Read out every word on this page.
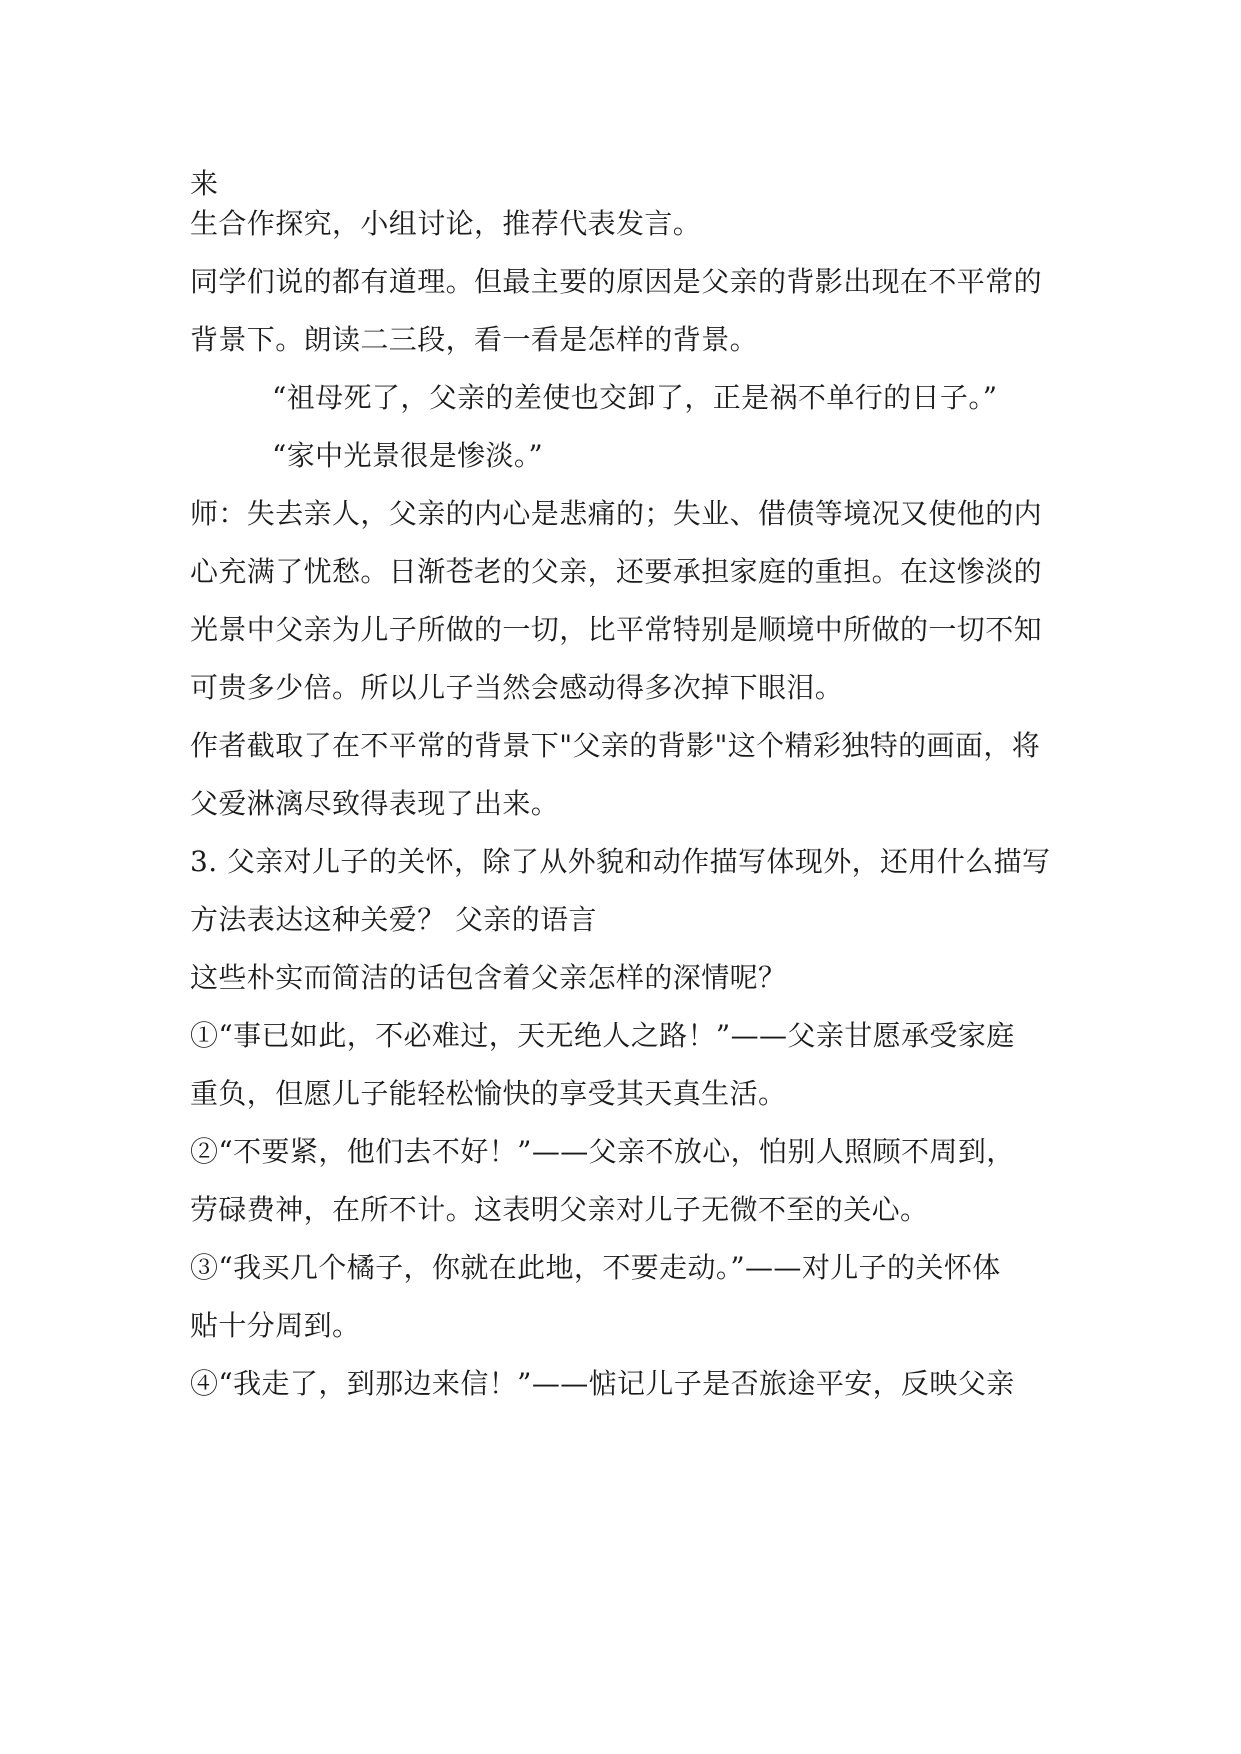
来
生合作探究，小组讨论，推荐代表发言。
同学们说的都有道理。但最主要的原因是父亲的背影出现在不平常的
背景下。朗读二三段，看一看是怎样的背景。
“祖母死了，父亲的差使也交卸了，正是祸不单行的日子。”
“家中光景很是惨淡。”
师：失去亲人，父亲的内心是悲痛的；失业、借债等境况又使他的内
心充满了忧愁。日渐苍老的父亲，还要承担家庭的重担。在这惨淡的
光景中父亲为儿子所做的一切，比平常特别是顺境中所做的一切不知
可贵多少倍。所以儿子当然会感动得多次掉下眼泪。
作者截取了在不平常的背景下"父亲的背影"这个精彩独特的画面，将
父爱淋漓尽致得表现了出来。
3. 父亲对儿子的关怀，除了从外貌和动作描写体现外，还用什么描写
方法表达这种关爱？ 父亲的语言
这些朴实而简洁的话包含着父亲怎样的深情呢？
①“事已如此，不必难过，天无绝人之路！”——父亲甘愿承受家庭
重负，但愿儿子能轻松愉快的享受其天真生活。
②“不要紧，他们去不好！”——父亲不放心，怕别人照顾不周到，
劳碌费神，在所不计。这表明父亲对儿子无微不至的关心。
③“我买几个橘子，你就在此地，不要走动。”——对儿子的关怀体
贴十分周到。
④“我走了，到那边来信！”——惦记儿子是否旅途平安，反映父亲
